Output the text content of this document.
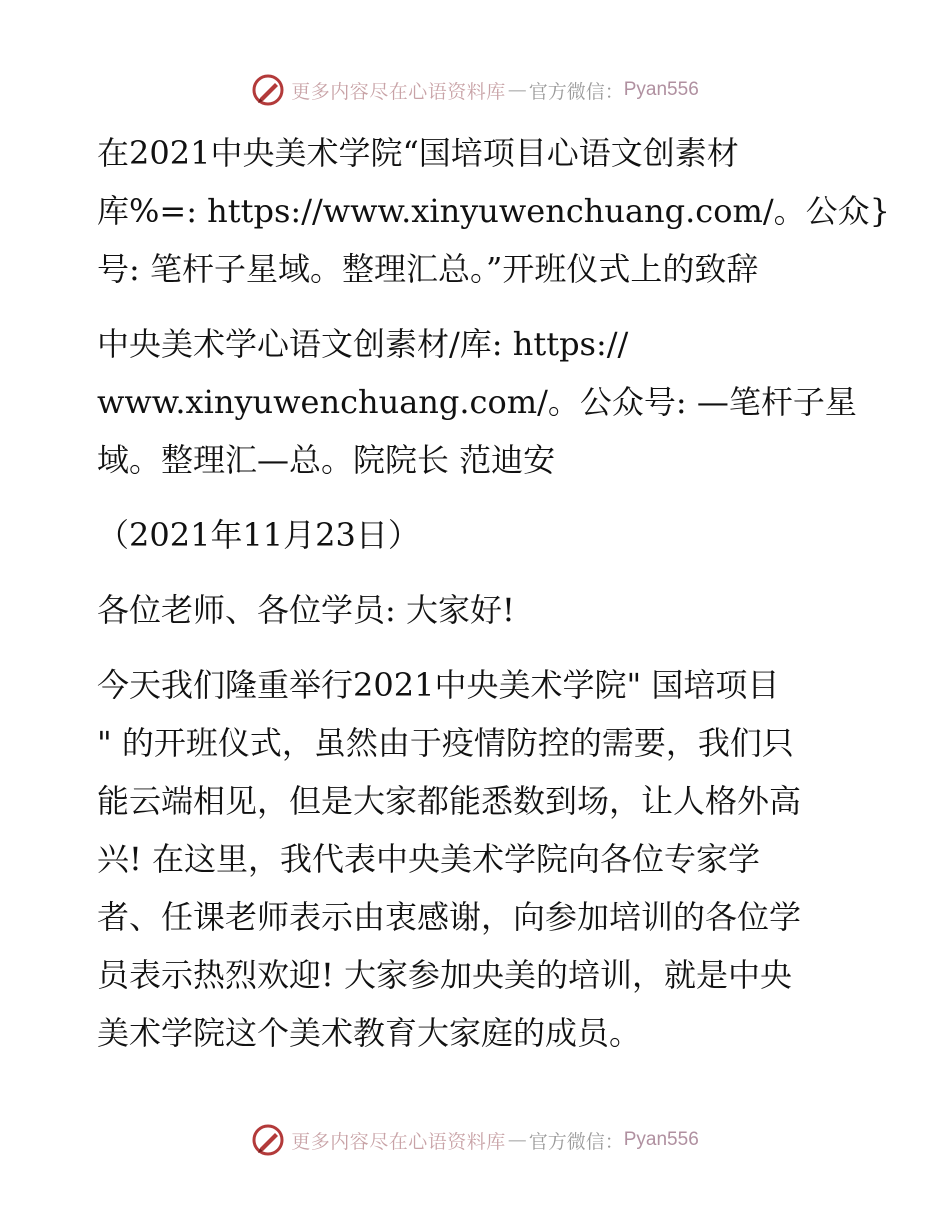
更多内容尽在心语资料库 — 官方微信： Pyan556
在2021中央美术学院“国培项目心语文创素材
库%=: https://www.xinyuwenchuang.com/。公众}
号: 笔杆子星域。整理汇总。”开班仪式上的致辞
中央美术学心语文创素材/库: https://
www.xinyuwenchuang.com/。公众号: —笔杆子星
域。整理汇—总。院院长 范迪安
（2021年11月23日）
各位老师、各位学员: 大家好!
今天我们隆重举行2021中央美术学院" 国培项目
" 的开班仪式，虽然由于疫情防控的需要，我们只
能云端相见，但是大家都能悉数到场，让人格外高
兴! 在这里，我代表中央美术学院向各位专家学
者、任课老师表示由衷感谢，向参加培训的各位学
员表示热烈欢迎! 大家参加央美的培训，就是中央
美术学院这个美术教育大家庭的成员。
更多内容尽在心语资料库 — 官方微信： Pyan556
